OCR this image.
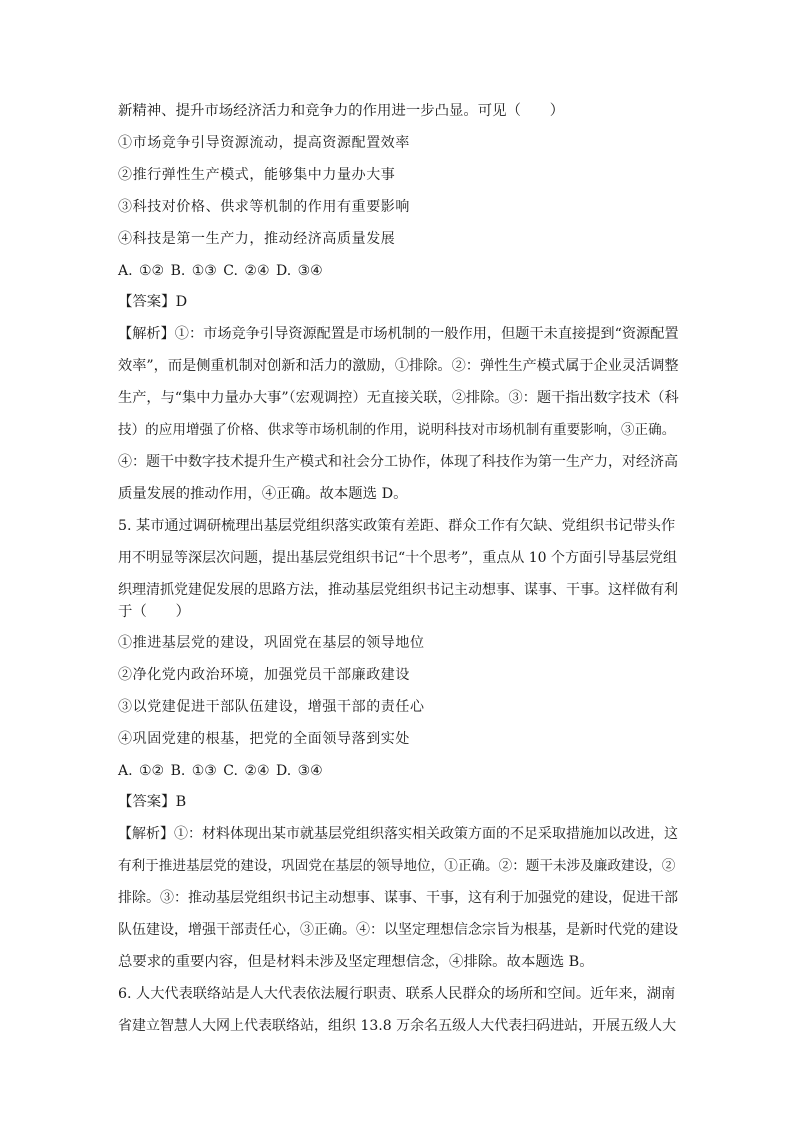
新精神、提升市场经济活力和竞争力的作用进一步凸显。可见（　　）
①市场竞争引导资源流动，提高资源配置效率
②推行弹性生产模式，能够集中力量办大事
③科技对价格、供求等机制的作用有重要影响
④科技是第一生产力，推动经济高质量发展
A. ①② B. ①③ C. ②④ D. ③④
【答案】D
【解析】①：市场竞争引导资源配置是市场机制的一般作用，但题干未直接提到“资源配置
效率”，而是侧重机制对创新和活力的激励，①排除。②：弹性生产模式属于企业灵活调整
生产，与“集中力量办大事”（宏观调控）无直接关联，②排除。③：题干指出数字技术（科
技）的应用增强了价格、供求等市场机制的作用，说明科技对市场机制有重要影响，③正确。
④：题干中数字技术提升生产模式和社会分工协作，体现了科技作为第一生产力，对经济高
质量发展的推动作用，④正确。故本题选 D。
5. 某市通过调研梳理出基层党组织落实政策有差距、群众工作有欠缺、党组织书记带头作
用不明显等深层次问题，提出基层党组织书记“十个思考”，重点从 10 个方面引导基层党组
织理清抓党建促发展的思路方法，推动基层党组织书记主动想事、谋事、干事。这样做有利
于（　　）
①推进基层党的建设，巩固党在基层的领导地位
②净化党内政治环境，加强党员干部廉政建设
③以党建促进干部队伍建设，增强干部的责任心
④巩固党建的根基，把党的全面领导落到实处
A. ①② B. ①③ C. ②④ D. ③④
【答案】B
【解析】①：材料体现出某市就基层党组织落实相关政策方面的不足采取措施加以改进，这
有利于推进基层党的建设，巩固党在基层的领导地位，①正确。②：题干未涉及廉政建设，②
排除。③：推动基层党组织书记主动想事、谋事、干事，这有利于加强党的建设，促进干部
队伍建设，增强干部责任心，③正确。④：以坚定理想信念宗旨为根基，是新时代党的建设
总要求的重要内容，但是材料未涉及坚定理想信念，④排除。故本题选 B。
6. 人大代表联络站是人大代表依法履行职责、联系人民群众的场所和空间。近年来，湖南
省建立智慧人大网上代表联络站，组织 13.8 万余名五级人大代表扫码进站，开展五级人大
